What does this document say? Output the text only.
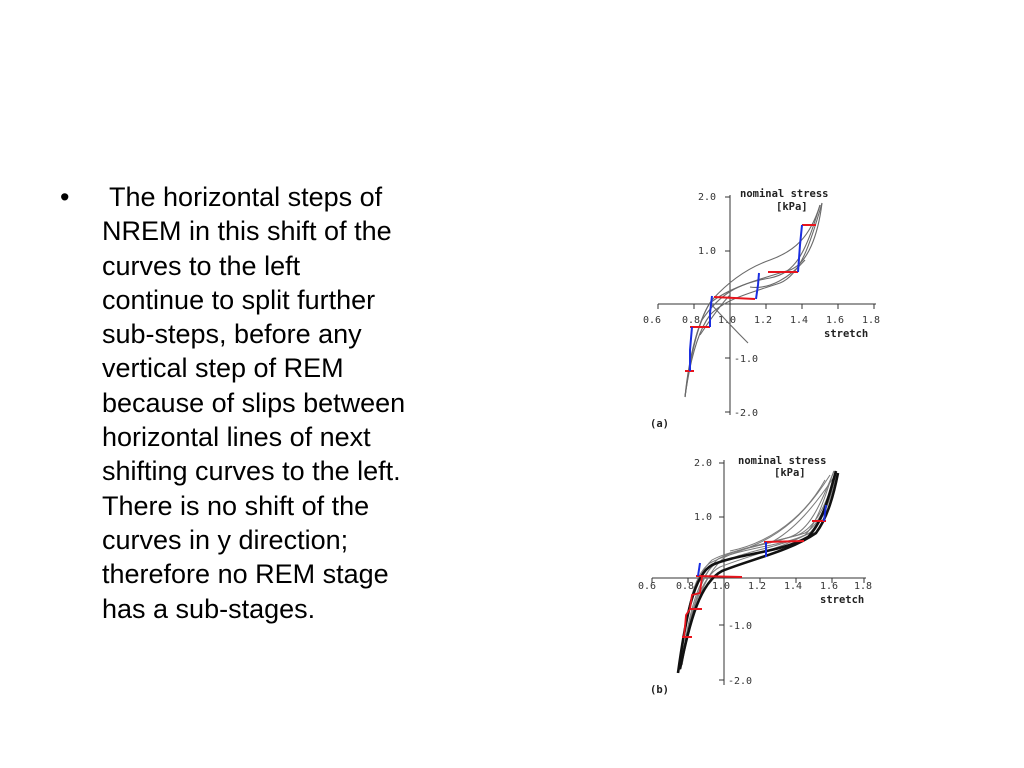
• The horizontal steps of
NREM in this shift of the
curves to the left
continue to split further
sub-steps, before any
vertical step of REM
because of slips between
horizontal lines of next
shifting curves to the left.
There is no shift of the
curves in y direction;
therefore no REM stage
has a sub-stages.
0.6 0.8 1.0 1.2 1.4 1.6 1.8
2.0
1.0
-1.0
-2.0
nominal stress
[kPa]
stretch
(a)
0.6 0.8 1.0 1.2 1.4 1.6 1.8
2.0
1.0
-1.0
-2.0
nominal stress
[kPa]
stretch
(b)
